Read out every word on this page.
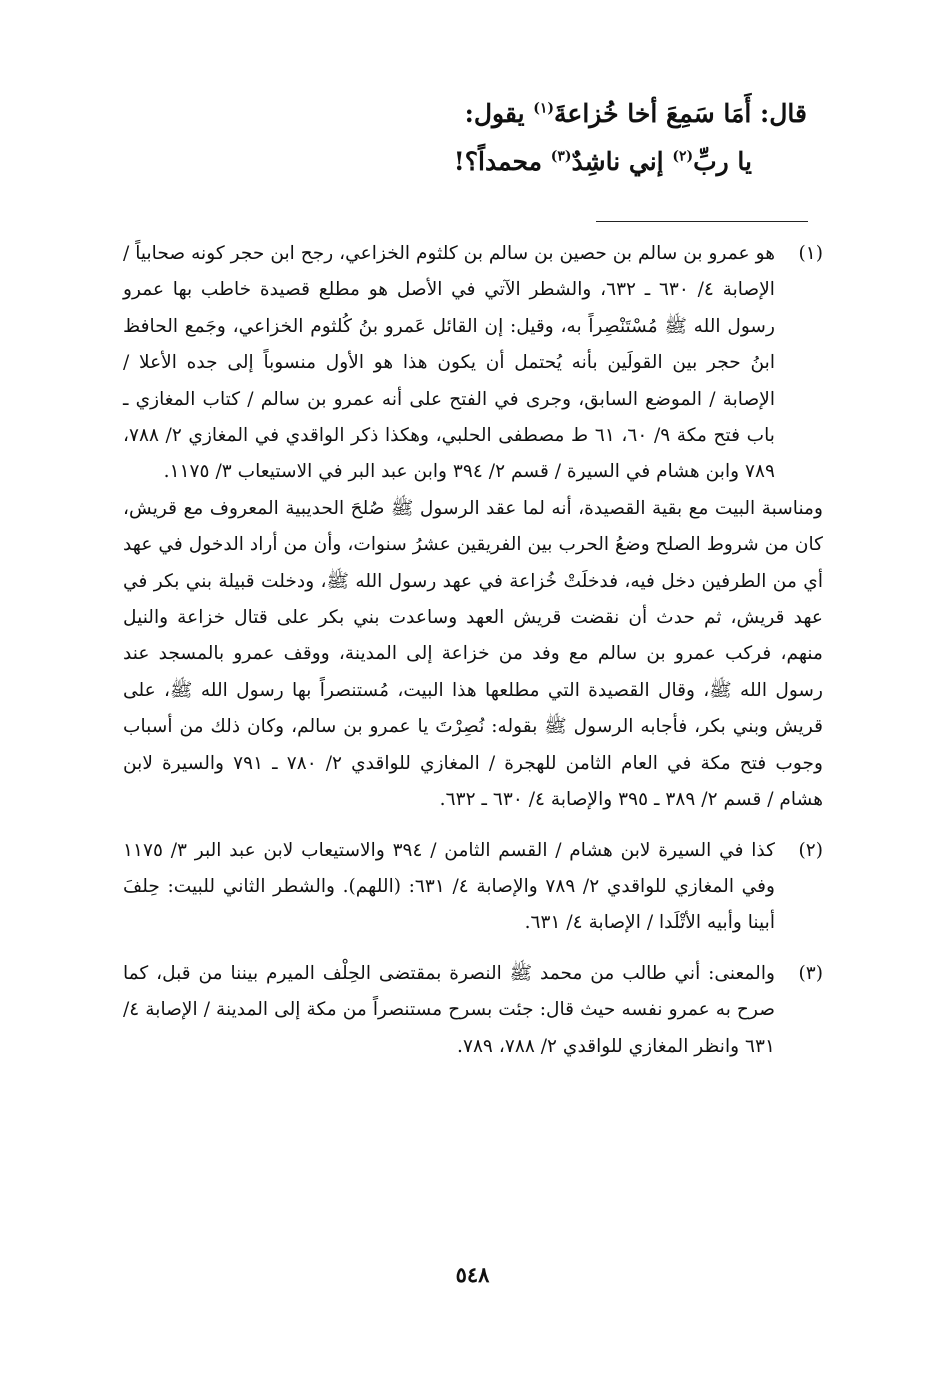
قال: أَمَا سَمِعَ أخا خُزاعةَ$^{(١)}$ يقول:
يا ربِّ$^{(٢)}$ إني ناشِدٌ$^{(٣)}$ محمداً؟!
(١)

هو عمرو بن سالم بن حصين بن سالم بن كلثوم الخزاعي، رجح ابن حجر كونه صحابياً / الإصابة ٤/ ٦٣٠ ـ ٦٣٢، والشطر الآتي في الأصل هو مطلع قصيدة خاطب بها عمرو رسول الله ﷺ مُسْتَنْصِراً به، وقيل: إن القائل عَمرو بنُ كُلثوم الخزاعي، وجَمع الحافظ ابنُ حجر بين القولَين بأنه يُحتمل أن يكون هذا هو الأول منسوباً إلى جده الأعلا / الإصابة / الموضع السابق، وجرى في الفتح على أنه عمرو بن سالم / كتاب المغازي ـ باب فتح مكة ٩/ ٦٠، ٦١ ط مصطفى الحلبي، وهكذا ذكر الواقدي في المغازي ٢/ ٧٨٨، ٧٨٩ وابن هشام في السيرة / قسم ٢/ ٣٩٤ وابن عبد البر في الاستيعاب ٣/ ١١٧٥.

ومناسبة البيت مع بقية القصيدة، أنه لما عقد الرسول ﷺ صُلحَ الحديبية المعروف مع قريش، كان من شروط الصلح وضعُ الحرب بين الفريقين عشرُ سنوات، وأن من أراد الدخول في عهد أي من الطرفين دخل فيه، فدخلَتْ خُزاعة في عهد رسول الله ﷺ، ودخلت قبيلة بني بكر في عهد قريش، ثم حدث أن نقضت قريش العهد وساعدت بني بكر على قتال خزاعة والنيل منهم، فركب عمرو بن سالم مع وفد من خزاعة إلى المدينة، ووقف عمرو بالمسجد عند رسول الله ﷺ، وقال القصيدة التي مطلعها هذا البيت، مُستنصراً بها رسول الله ﷺ، على قريش وبني بكر، فأجابه الرسول ﷺ بقوله: نُصِرْتَ يا عمرو بن سالم، وكان ذلك من أسباب وجوب فتح مكة في العام الثامن للهجرة / المغازي للواقدي ٢/ ٧٨٠ ـ ٧٩١ والسيرة لابن هشام / قسم ٢/ ٣٨٩ ـ ٣٩٥ والإصابة ٤/ ٦٣٠ ـ ٦٣٢.

(٢)

كذا في السيرة لابن هشام / القسم الثامن / ٣٩٤ والاستيعاب لابن عبد البر ٣/ ١١٧٥ وفي المغازي للواقدي ٢/ ٧٨٩ والإصابة ٤/ ٦٣١: (اللهم). والشطر الثاني للبيت: حِلفَ أبينا وأبيه الأتْلَدا / الإصابة ٤/ ٦٣١.

(٣)

والمعنى: أني طالب من محمد ﷺ النصرة بمقتضى الحِلْف الميرم بيننا من قبل، كما صرح به عمرو نفسه حيث قال: جئت بسرح مستنصراً من مكة إلى المدينة / الإصابة ٤/ ٦٣١ وانظر المغازي للواقدي ٢/ ٧٨٨، ٧٨٩.

٥٤٨
